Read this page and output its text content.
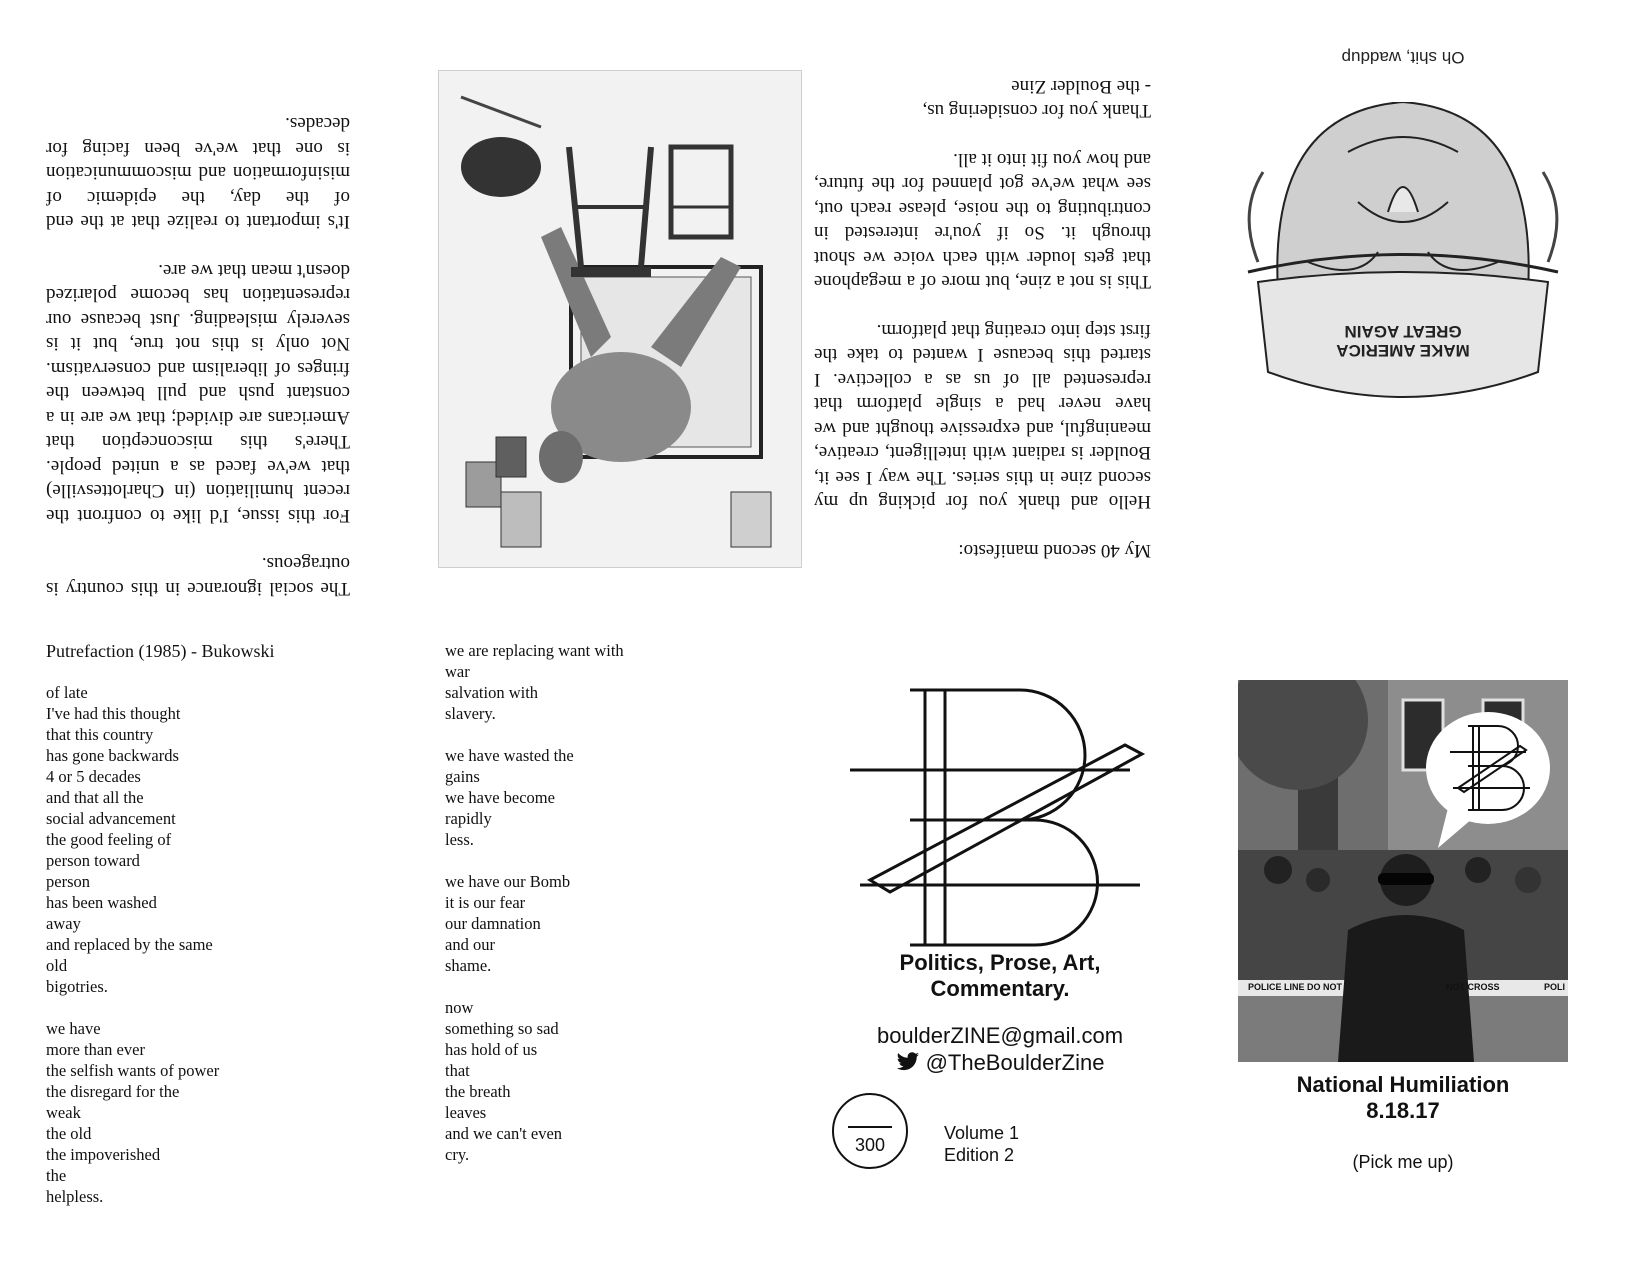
The social ignorance in this country is outrageous.

For this issue, I'd like to confront the recent humiliation (in Charlottesville) that we've faced as a united people. There's this misconception that Americans are divided; that we are in a constant push and pull between the fringes of liberalism and conservatism. Not only is this not true, but it is severely misleading. Just because our representation has become polarized doesn't mean that we are.

It's important to realize that at the end of the day, the epidemic of misinformation and miscommunication is one that we've been facing for decades.

My 40 second manifesto:

Hello and thank you for picking up my second zine in this series. The way I see it, Boulder is radiant with intelligent, creative, meaningful, and expressive thought and we have never had a single platform that represented all of us as a collective. I started this because I wanted to take the first step into creating that platform.

This is not a zine, but more of a megaphone that gets louder with each voice we shout through it. So if you're interested in contributing to the noise, please reach out, see what we've got planned for the future, and how you fit into it all.

Thank you for considering us,

- the Boulder Zine

MAKE AMERICA
GREAT AGAIN
Oh shit, waddup
Putrefaction (1985) - Bukowski
of late
I've had this thought
that this country
has gone backwards
4 or 5 decades
and that all the
social advancement
the good feeling of
person toward
person
has been washed
away
and replaced by the same
old
bigotries.
we have
more than ever
the selfish wants of power
the disregard for the
weak
the old
the impoverished
the
helpless.
we are replacing want with
war
salvation with
slavery.
we have wasted the
gains
we have become
rapidly
less.
we have our Bomb
it is our fear
our damnation
and our
shame.
now
something so sad
has hold of us
that
the breath
leaves
and we can't even
cry.
Politics, Prose, Art,
Commentary.
boulderZINE@gmail.com
@TheBoulderZine
300
Volume 1
Edition 2
POLICE LINE DO NOT	NOT CROSS	POLI
National Humiliation
8.18.17
(Pick me up)
